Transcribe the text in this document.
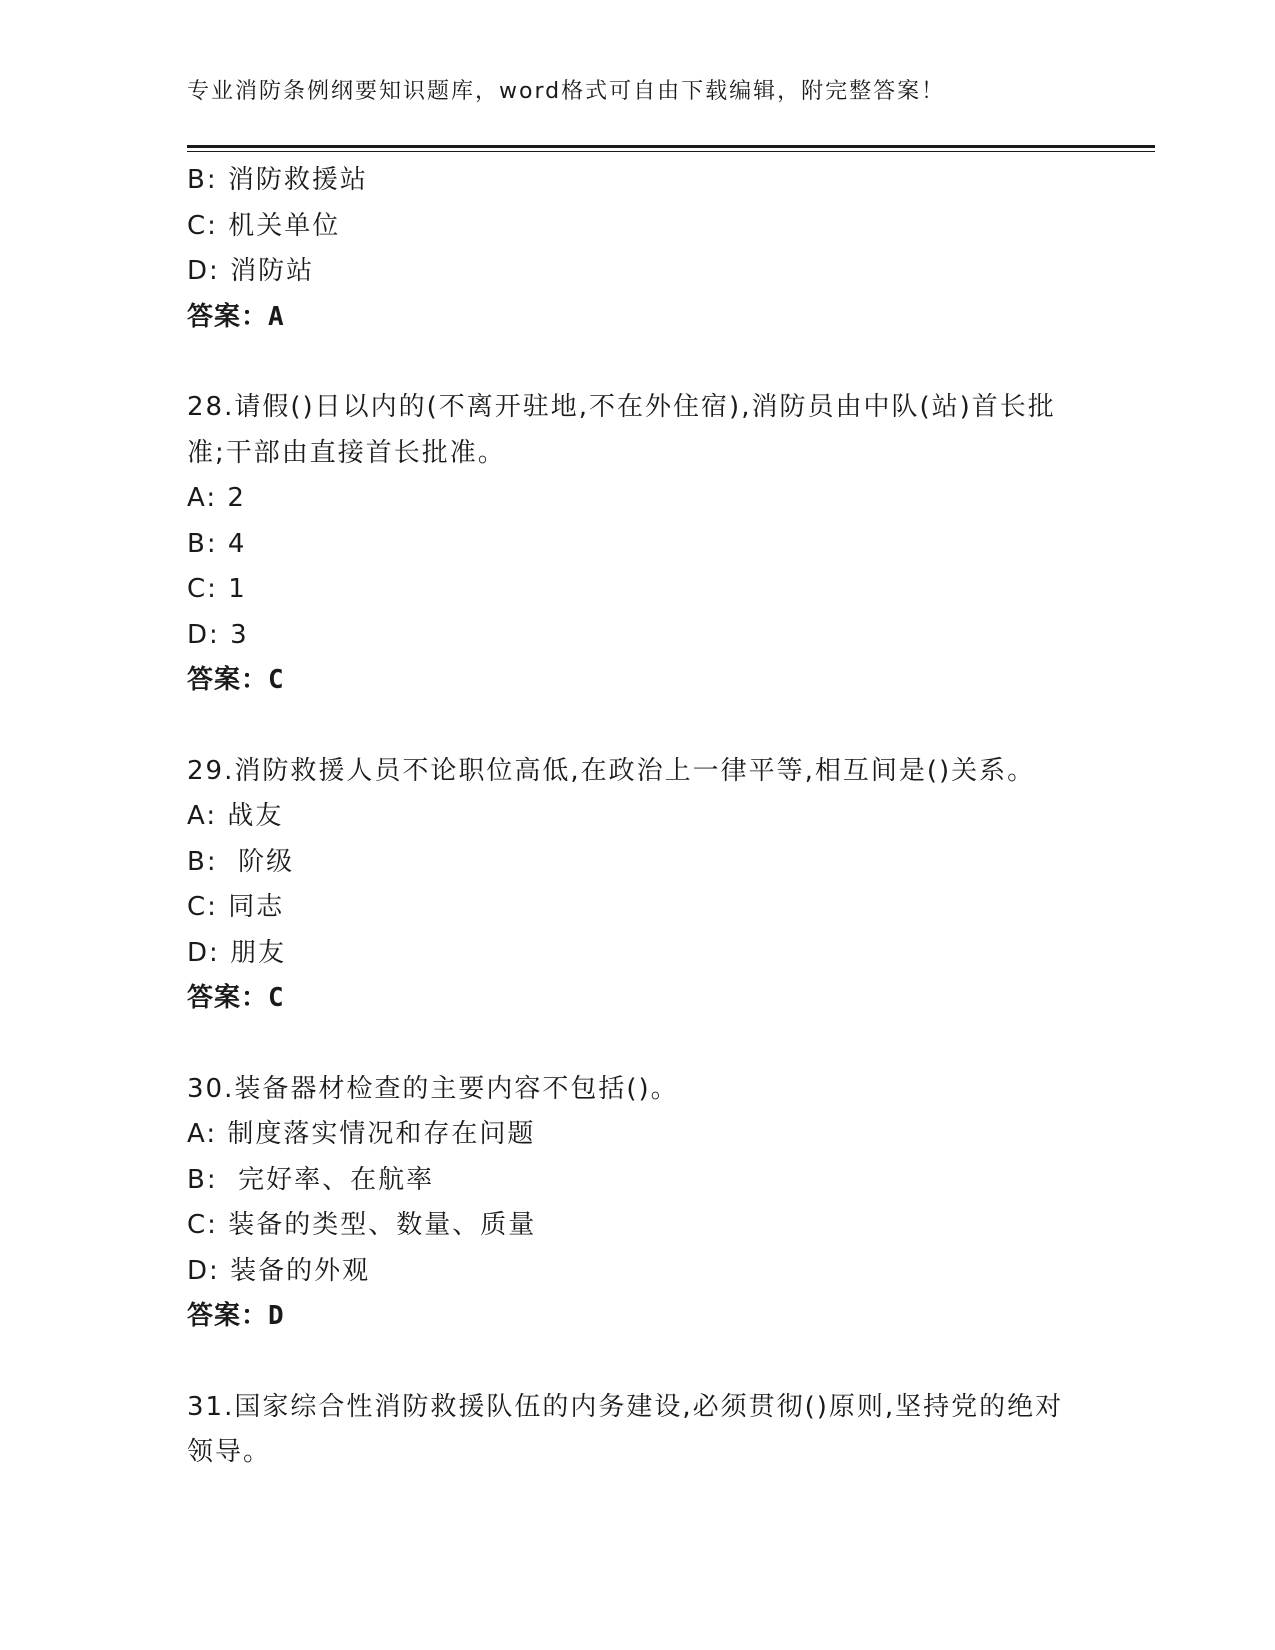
专业消防条例纲要知识题库，word格式可自由下载编辑，附完整答案！
B: 消防救援站
C: 机关单位
D: 消防站
答案：A
28.请假()日以内的(不离开驻地,不在外住宿),消防员由中队(站)首长批准;干部由直接首长批准。
A: 2
B: 4
C: 1
D: 3
答案：C
29.消防救援人员不论职位高低,在政治上一律平等,相互间是()关系。
A: 战友
B:  阶级
C: 同志
D: 朋友
答案：C
30.装备器材检查的主要内容不包括()。
A: 制度落实情况和存在问题
B:  完好率、在航率
C: 装备的类型、数量、质量
D: 装备的外观
答案：D
31.国家综合性消防救援队伍的内务建设,必须贯彻()原则,坚持党的绝对领导。
